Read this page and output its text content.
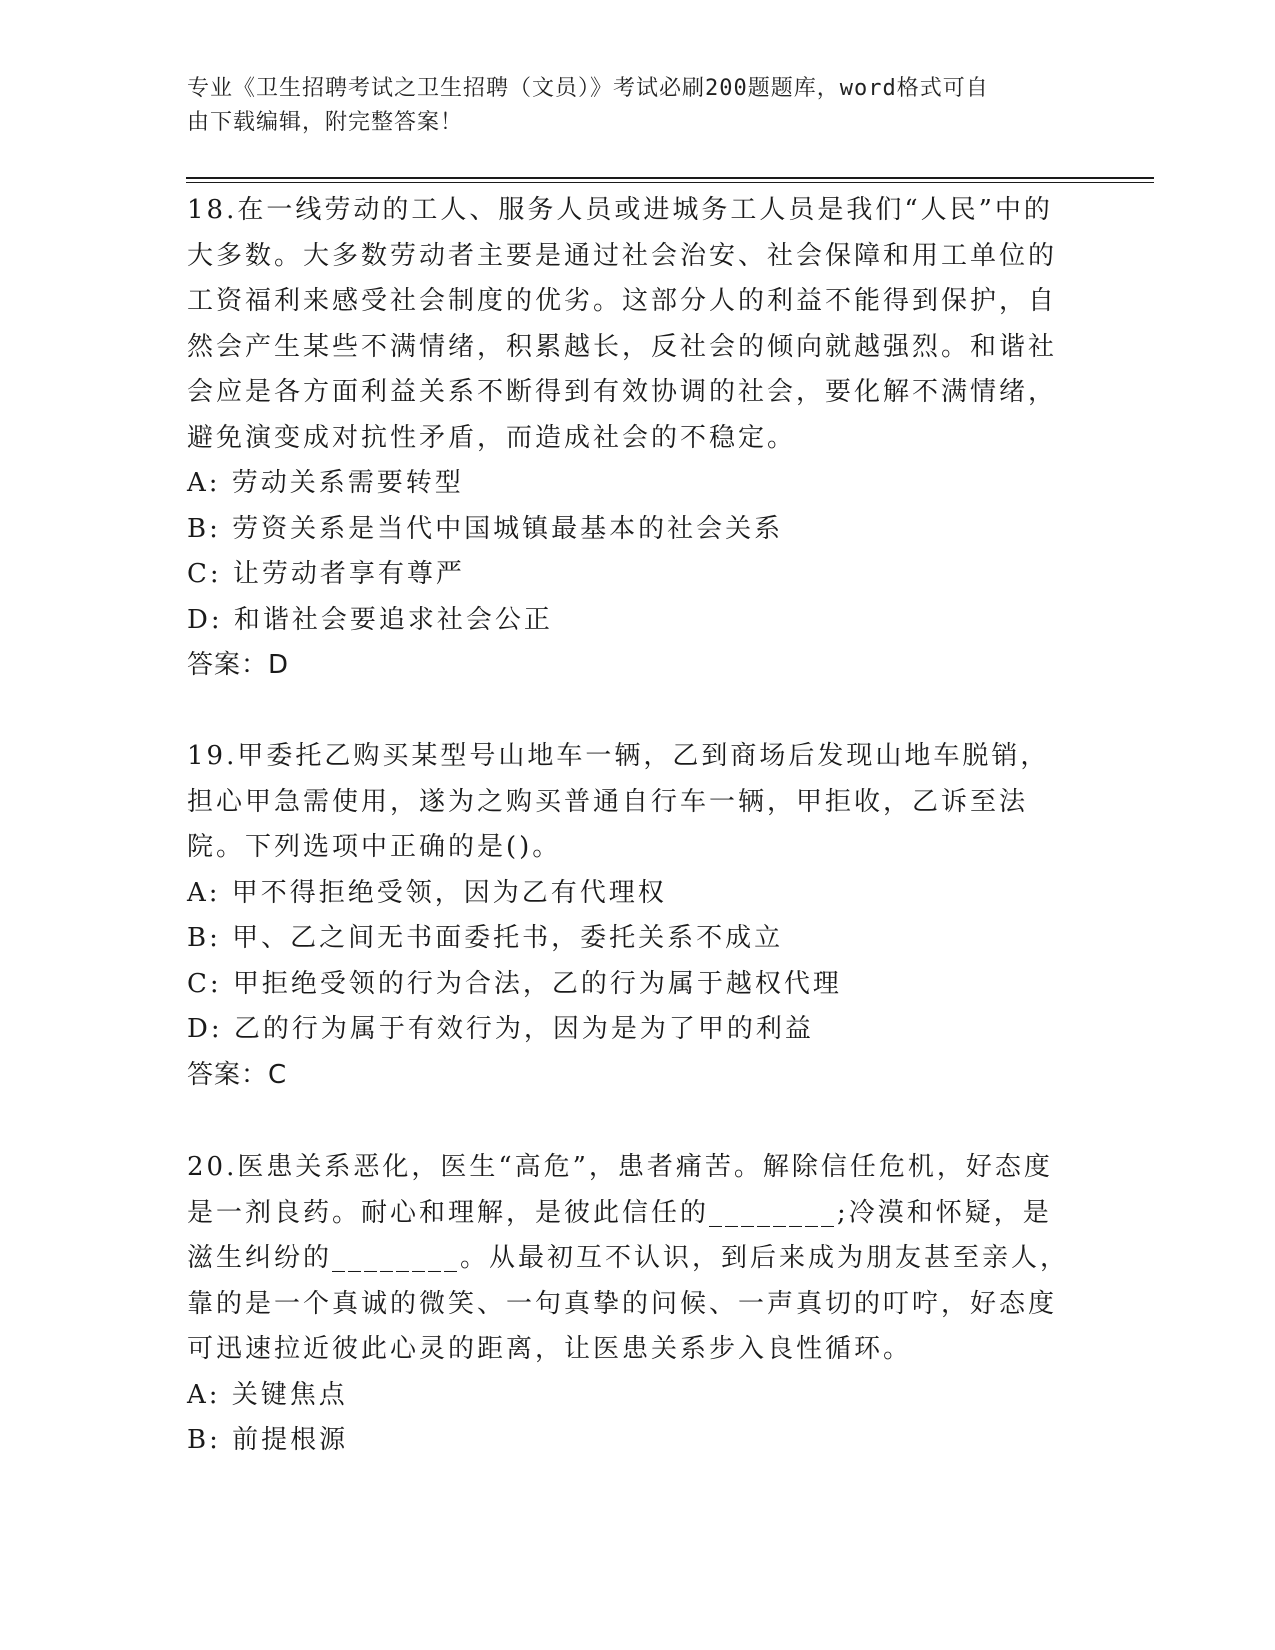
专业《卫生招聘考试之卫生招聘（文员）》考试必刷200题题库，word格式可自
由下载编辑，附完整答案！

18.在一线劳动的工人、服务人员或进城务工人员是我们“人民”中的大多数。大多数劳动者主要是通过社会治安、社会保障和用工单位的工资福利来感受社会制度的优劣。这部分人的利益不能得到保护，自然会产生某些不满情绪，积累越长，反社会的倾向就越强烈。和谐社会应是各方面利益关系不断得到有效协调的社会，要化解不满情绪，避免演变成对抗性矛盾，而造成社会的不稳定。

A: 劳动关系需要转型

B: 劳资关系是当代中国城镇最基本的社会关系

C: 让劳动者享有尊严

D: 和谐社会要追求社会公正

答案：D

19.甲委托乙购买某型号山地车一辆，乙到商场后发现山地车脱销，担心甲急需使用，遂为之购买普通自行车一辆，甲拒收，乙诉至法院。下列选项中正确的是()。

A: 甲不得拒绝受领，因为乙有代理权

B: 甲、乙之间无书面委托书，委托关系不成立

C: 甲拒绝受领的行为合法，乙的行为属于越权代理

D: 乙的行为属于有效行为，因为是为了甲的利益

答案：C

20.医患关系恶化，医生“高危”，患者痛苦。解除信任危机，好态度是一剂良药。耐心和理解，是彼此信任的________;冷漠和怀疑，是滋生纠纷的________。从最初互不认识，到后来成为朋友甚至亲人，靠的是一个真诚的微笑、一句真挚的问候、一声真切的叮咛，好态度可迅速拉近彼此心灵的距离，让医患关系步入良性循环。

A: 关键焦点

B: 前提根源
